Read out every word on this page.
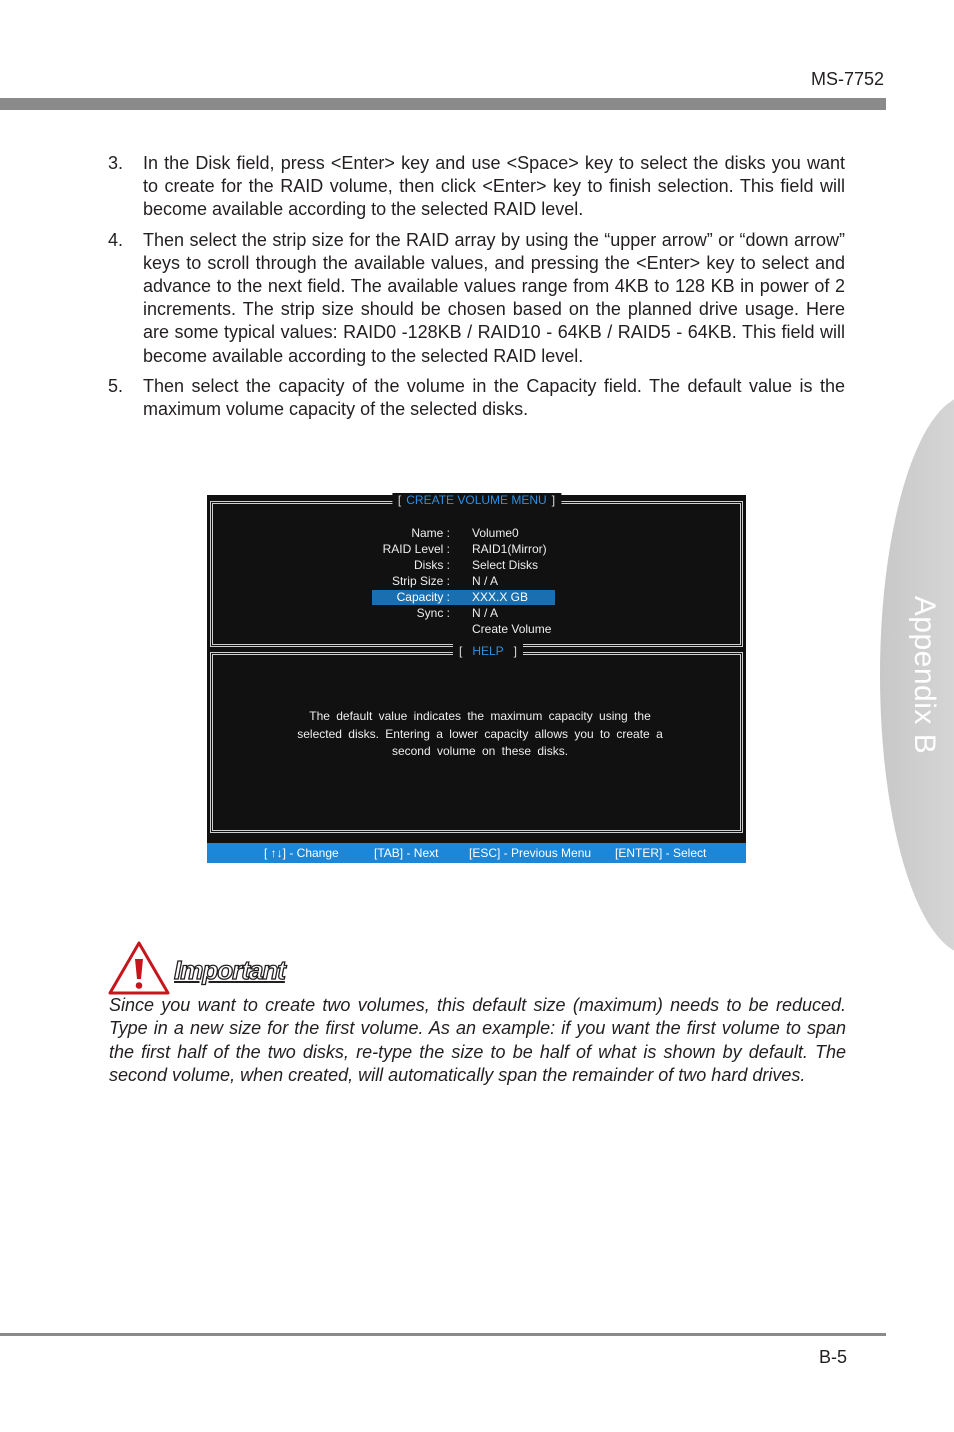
MS-7752
Appendix B
3. In the Disk field, press <Enter> key and use <Space> key to select the disks you want to create for the RAID volume, then click <Enter> key to finish selection. This field will become available according to the selected RAID level.
4. Then select the strip size for the RAID array by using the “upper arrow” or “down arrow” keys to scroll through the available values, and pressing the <Enter> key to select and advance to the next field. The available values range from 4KB to 128 KB in power of 2 increments. The strip size should be chosen based on the planned drive usage. Here are some typical values: RAID0 -128KB / RAID10 - 64KB / RAID5 - 64KB. This field will become available according to the selected RAID level.
5. Then select the capacity of the volume in the Capacity field. The default value is the maximum volume capacity of the selected disks.
[ CREATE VOLUME MENU ]
Name : Volume0
RAID Level : RAID1(Mirror)
Disks : Select Disks
Strip Size : N / A
Capacity : XXX.X GB
Sync : N / A
Create Volume
[ HELP ]
The default value indicates the maximum capacity using the selected disks. Entering a lower capacity allows you to create a second volume on these disks.
[ ↑↓] - Change	[TAB] - Next	[ESC] - Previous Menu [ENTER] - Select
Important
Since you want to create two volumes, this default size (maximum) needs to be reduced. Type in a new size for the first volume. As an example: if you want the first volume to span the first half of the two disks, re-type the size to be half of what is shown by default. The second volume, when created, will automatically span the remainder of two hard drives.
B-5
